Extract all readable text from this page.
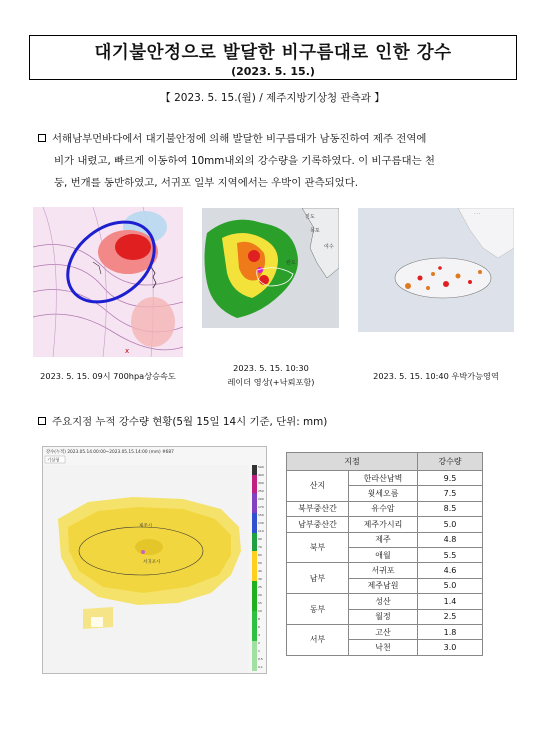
대기불안정으로 발달한 비구름대로 인한 강수
(2023. 5. 15.)
【 2023. 5. 15.(월) / 제주지방기상청 관측과 】
서해남부먼바다에서 대기불안정에 의해 발달한 비구름대가 남동진하여 제주 전역에
비가 내렸고, 빠르게 이동하여 10mm내외의 강수량을 기록하였다. 이 비구름대는 천
둥, 번개를 동반하였고, 서귀포 일부 지역에서는 우박이 관측되었다.
x
2023. 5. 15. 09시 700hpa상승속도
진도
목포
완도
여수
2023. 5. 15. 10:30
레이더 영상(+낙뢰포함)
. . .
2023. 5. 15. 10:40 우박가능영역
주요지점 누적 강수량 현황(5월 15일 14시 기준, 단위: mm)
강수(누적) 2023.05.14.00:00~2023.05.15.14:00 (mm) #687
기상청
제주시
서귀포시
500
400
300
250
200
170
150
130
110
90
70
60
50
40
30
25
20
15
10
8
6
4
2
1
0.5
0.1
지점		강수량
산지	한라산남벽	9.5
	윗세오름	7.5
북부중산간	유수암	8.5
남부중산간	제주가시리	5.0
북부	제주	4.8
	애월	5.5
남부	서귀포	4.6
	제주남원	5.0
동부	성산	1.4
	월정	2.5
서부	고산	1.8
	낙천	3.0
